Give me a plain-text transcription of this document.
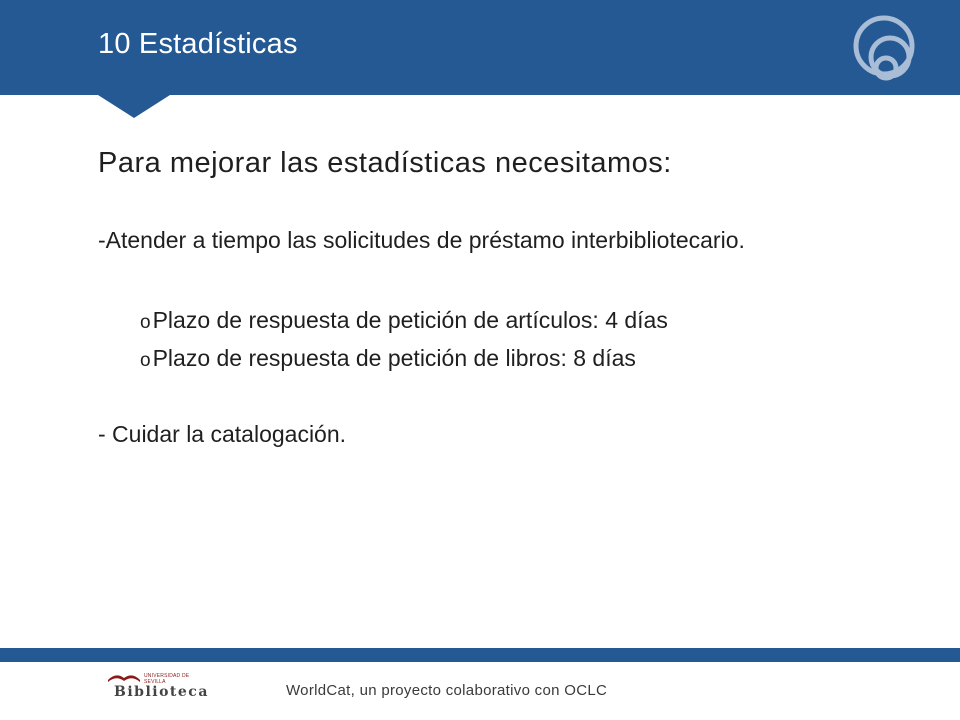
10 Estadísticas
Para mejorar las estadísticas necesitamos:
-Atender a tiempo las solicitudes de préstamo interbibliotecario.
oPlazo de respuesta de petición de artículos: 4 días
oPlazo de respuesta de petición de libros: 8 días
- Cuidar la catalogación.
UNIVERSIDAD DE SEVILLA
Biblioteca	WorldCat, un proyecto colaborativo con OCLC
